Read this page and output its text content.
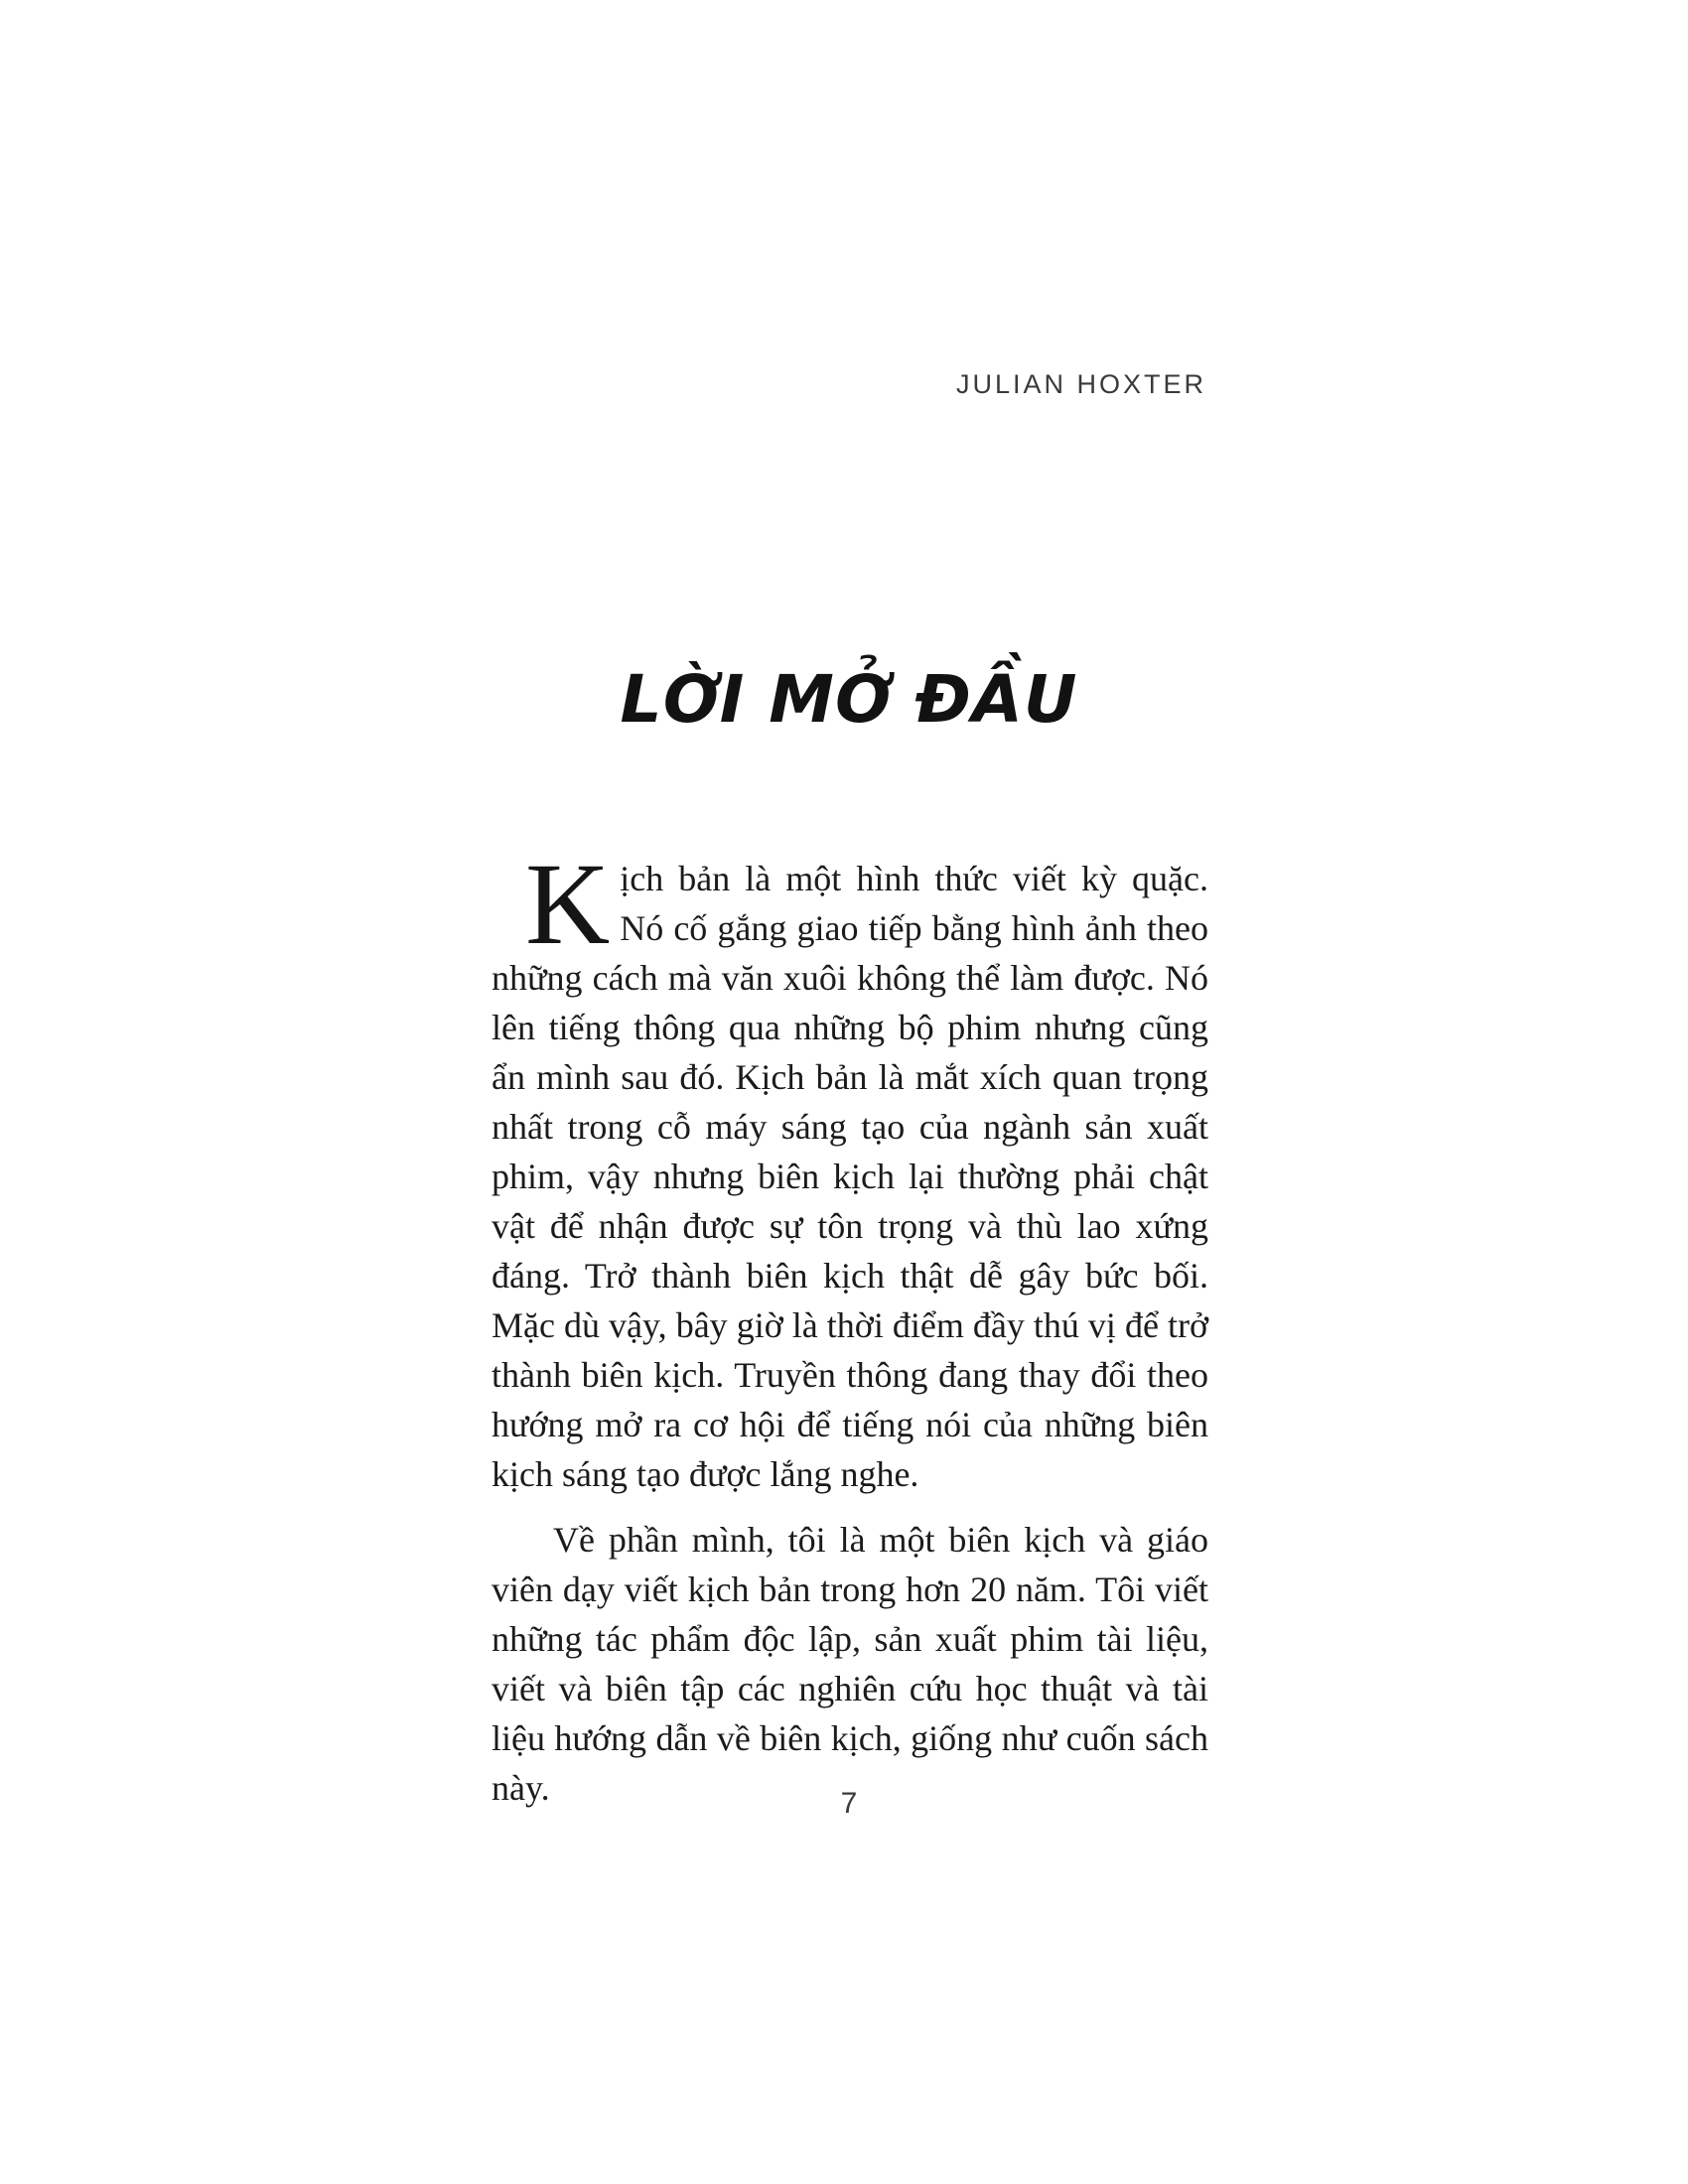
JULIAN HOXTER
LỜI MỞ ĐẦU

Kịch bản là một hình thức viết kỳ quặc. Nó cố gắng giao tiếp bằng hình ảnh theo những cách mà văn xuôi không thể làm được. Nó lên tiếng thông qua những bộ phim nhưng cũng ẩn mình sau đó. Kịch bản là mắt xích quan trọng nhất trong cỗ máy sáng tạo của ngành sản xuất phim, vậy nhưng biên kịch lại thường phải chật vật để nhận được sự tôn trọng và thù lao xứng đáng. Trở thành biên kịch thật dễ gây bức bối. Mặc dù vậy, bây giờ là thời điểm đầy thú vị để trở thành biên kịch. Truyền thông đang thay đổi theo hướng mở ra cơ hội để tiếng nói của những biên kịch sáng tạo được lắng nghe.

Về phần mình, tôi là một biên kịch và giáo viên dạy viết kịch bản trong hơn 20 năm. Tôi viết những tác phẩm độc lập, sản xuất phim tài liệu, viết và biên tập các nghiên cứu học thuật và tài liệu hướng dẫn về biên kịch, giống như cuốn sách này.	7
